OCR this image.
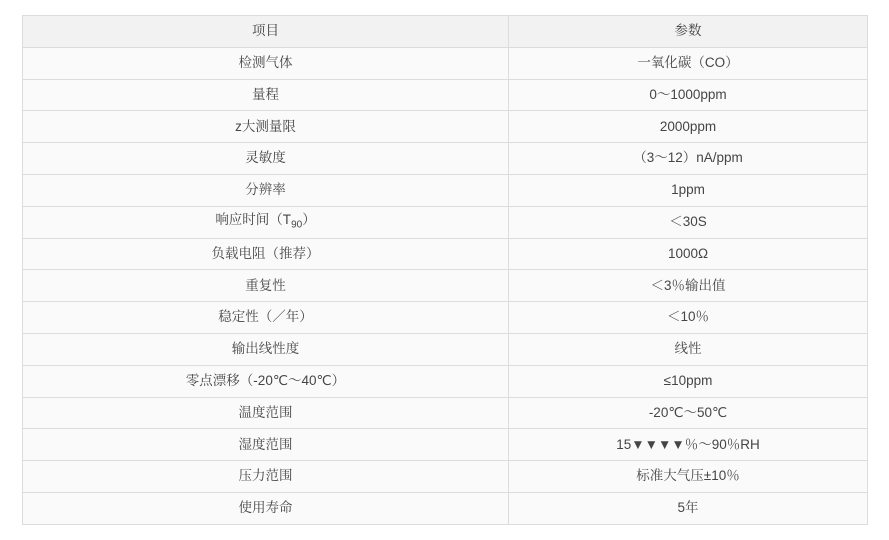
项目	参数
检测气体	一氧化碳（CO）
量程	0～1000ppm
z大测量限	2000ppm
灵敏度	（3～12）nA/ppm
分辨率	1ppm
响应时间$(T_{90})$	＜30S
负载电阻（推荐）	1000Ω
重复性	＜3％输出值
稳定性（／年）	＜10％
输出线性度	线性
零点漂移（-20℃～40℃）	≤10ppm
温度范围	-20℃～50℃
湿度范围	15▼▼▼▼％～90％RH
压力范围	标准大气压±10％
使用寿命	5年
